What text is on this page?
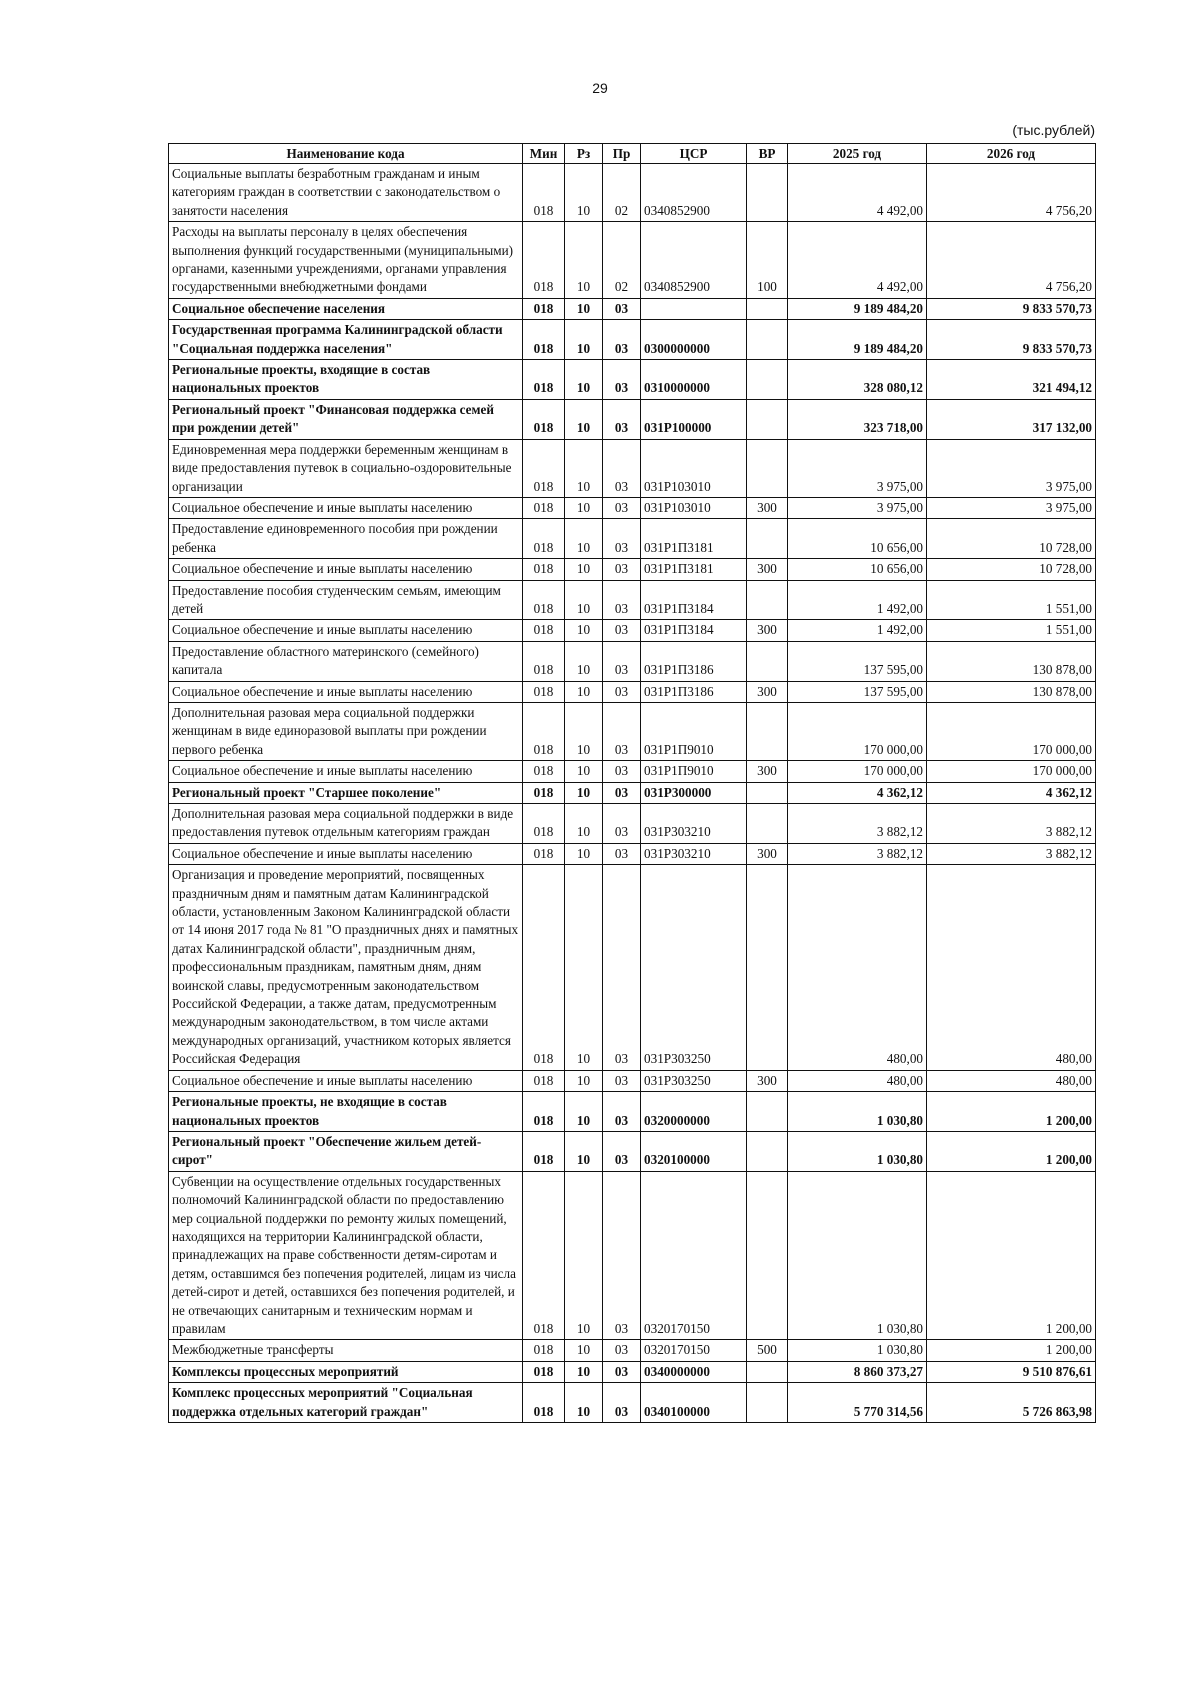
29
(тыс.рублей)
Наименование кода	Мин	Рз	Пр	ЦСР	ВР	2025 год	2026 год
Социальные выплаты безработным гражданам и иным категориям граждан в соответствии с законодательством о занятости населения	018	10	02	0340852900		4 492,00	4 756,20
Расходы на выплаты персоналу в целях обеспечения выполнения функций государственными (муниципальными) органами, казенными учреждениями, органами управления государственными внебюджетными фондами	018	10	02	0340852900	100	4 492,00	4 756,20
Социальное обеспечение населения	018	10	03			9 189 484,20	9 833 570,73
Государственная программа Калининградской области "Социальная поддержка населения"	018	10	03	0300000000		9 189 484,20	9 833 570,73
Региональные проекты, входящие в состав национальных проектов	018	10	03	0310000000		328 080,12	321 494,12
Региональный проект "Финансовая поддержка семей при рождении детей"	018	10	03	031Р100000		323 718,00	317 132,00
Единовременная мера поддержки беременным женщинам в виде предоставления путевок в социально-оздоровительные организации	018	10	03	031Р103010		3 975,00	3 975,00
Социальное обеспечение и иные выплаты населению	018	10	03	031Р103010	300	3 975,00	3 975,00
Предоставление единовременного пособия при рождении ребенка	018	10	03	031Р1П3181		10 656,00	10 728,00
Социальное обеспечение и иные выплаты населению	018	10	03	031Р1П3181	300	10 656,00	10 728,00
Предоставление пособия студенческим семьям, имеющим детей	018	10	03	031Р1П3184		1 492,00	1 551,00
Социальное обеспечение и иные выплаты населению	018	10	03	031Р1П3184	300	1 492,00	1 551,00
Предоставление областного материнского (семейного) капитала	018	10	03	031Р1П3186		137 595,00	130 878,00
Социальное обеспечение и иные выплаты населению	018	10	03	031Р1П3186	300	137 595,00	130 878,00
Дополнительная разовая мера социальной поддержки женщинам в виде единоразовой выплаты при рождении первого ребенка	018	10	03	031Р1П9010		170 000,00	170 000,00
Социальное обеспечение и иные выплаты населению	018	10	03	031Р1П9010	300	170 000,00	170 000,00
Региональный проект "Старшее поколение"	018	10	03	031Р300000		4 362,12	4 362,12
Дополнительная разовая мера социальной поддержки в виде предоставления путевок отдельным категориям граждан	018	10	03	031Р303210		3 882,12	3 882,12
Социальное обеспечение и иные выплаты населению	018	10	03	031Р303210	300	3 882,12	3 882,12
Организация и проведение мероприятий, посвященных праздничным дням и памятным датам Калининградской области, установленным Законом Калининградской области от 14 июня 2017 года № 81 "О праздничных днях и памятных датах Калининградской области", праздничным дням, профессиональным праздникам, памятным дням, дням воинской славы, предусмотренным законодательством Российской Федерации, а также датам, предусмотренным международным законодательством, в том числе актами международных организаций, участником которых является Российская Федерация	018	10	03	031Р303250		480,00	480,00
Социальное обеспечение и иные выплаты населению	018	10	03	031Р303250	300	480,00	480,00
Региональные проекты, не входящие в состав национальных проектов	018	10	03	0320000000		1 030,80	1 200,00
Региональный проект "Обеспечение жильем детей-сирот"	018	10	03	0320100000		1 030,80	1 200,00
Субвенции на осуществление отдельных государственных полномочий Калининградской области по предоставлению мер социальной поддержки по ремонту жилых помещений, находящихся на территории Калининградской области, принадлежащих на праве собственности детям-сиротам и детям, оставшимся без попечения родителей, лицам из числа детей-сирот и детей, оставшихся без попечения родителей, и не отвечающих санитарным и техническим нормам и правилам	018	10	03	0320170150		1 030,80	1 200,00
Межбюджетные трансферты	018	10	03	0320170150	500	1 030,80	1 200,00
Комплексы процессных мероприятий	018	10	03	0340000000		8 860 373,27	9 510 876,61
Комплекс процессных мероприятий "Социальная поддержка отдельных категорий граждан"	018	10	03	0340100000		5 770 314,56	5 726 863,98
